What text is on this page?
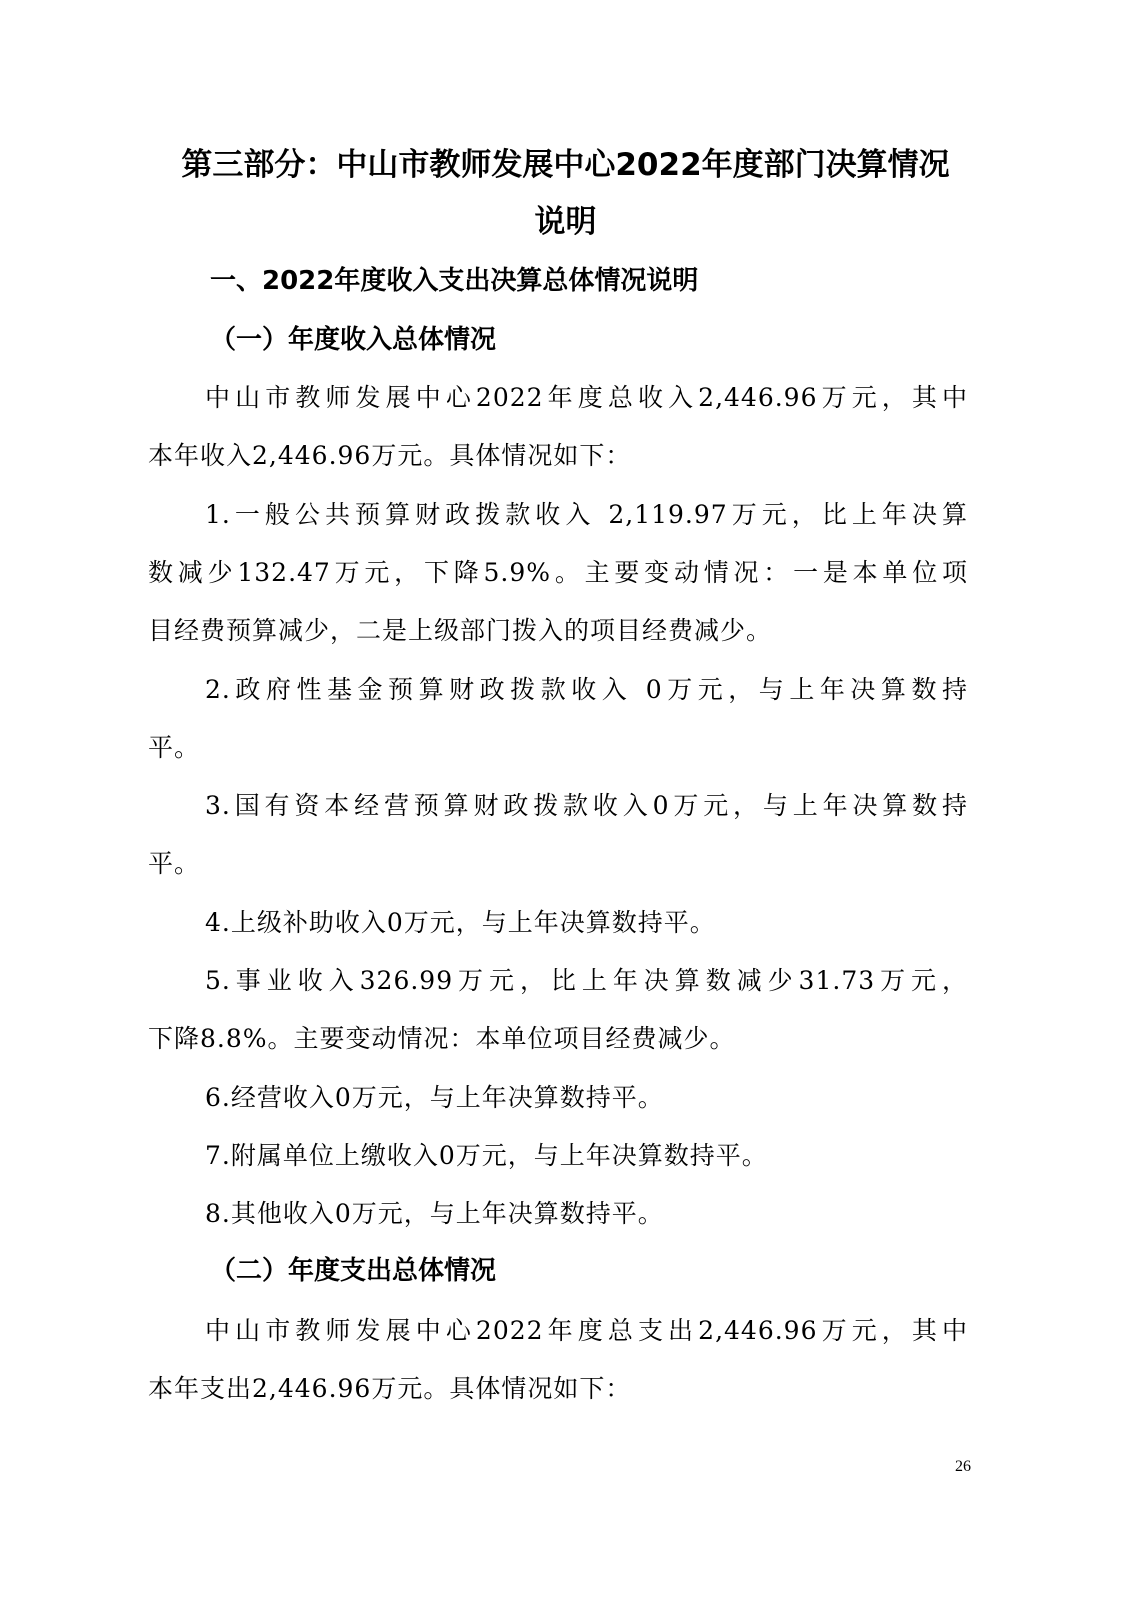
第三部分：中山市教师发展中心2022年度部门决算情况
说明
一、2022年度收入支出决算总体情况说明
（一）年度收入总体情况
中山市教师发展中心2022年度总收入2,446.96万元，其中
本年收入2,446.96万元。具体情况如下：
1.一般公共预算财政拨款收入 2,119.97万元，比上年决算
数减少132.47万元，下降5.9%。主要变动情况：一是本单位项
目经费预算减少，二是上级部门拨入的项目经费减少。
2.政府性基金预算财政拨款收入 0万元，与上年决算数持
平。
3.国有资本经营预算财政拨款收入0万元，与上年决算数持
平。
4.上级补助收入0万元，与上年决算数持平。
5.事业收入326.99万元，比上年决算数减少31.73万元，
下降8.8%。主要变动情况：本单位项目经费减少。
6.经营收入0万元，与上年决算数持平。
7.附属单位上缴收入0万元，与上年决算数持平。
8.其他收入0万元，与上年决算数持平。
（二）年度支出总体情况
中山市教师发展中心2022年度总支出2,446.96万元，其中
本年支出2,446.96万元。具体情况如下：
26
